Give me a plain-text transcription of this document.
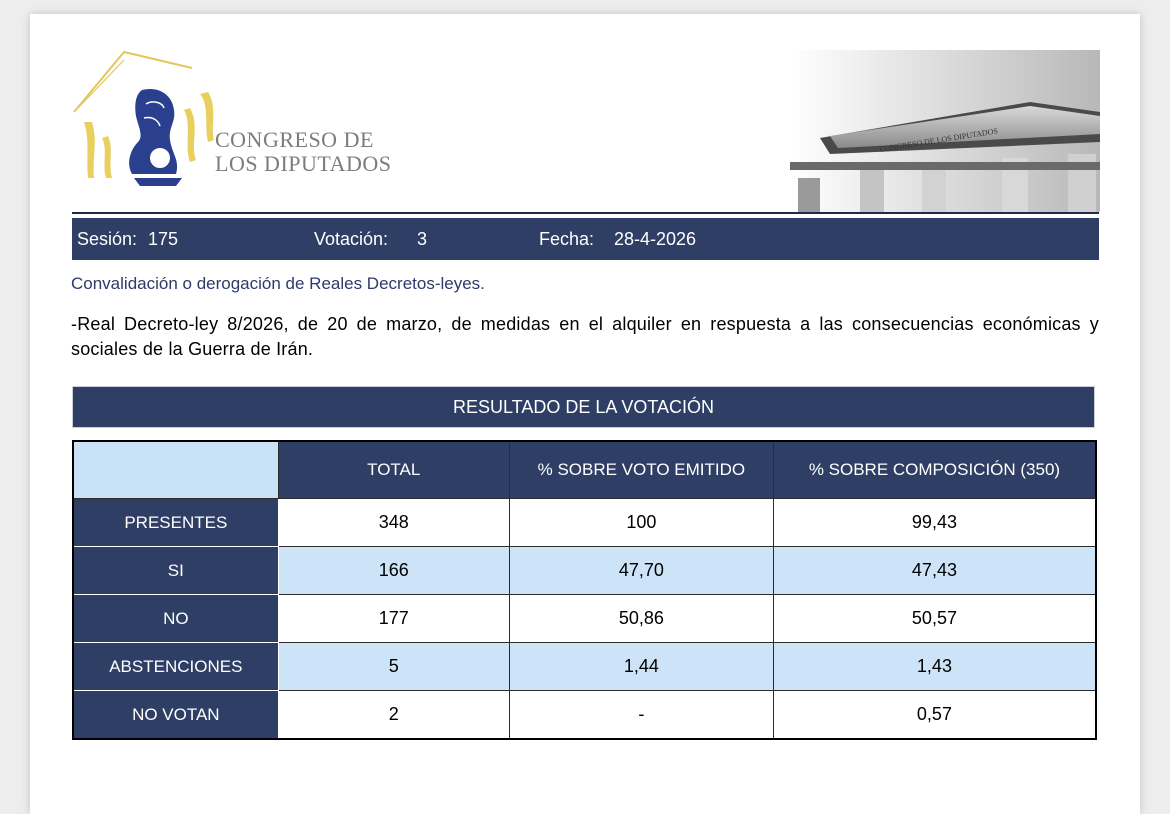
CONGRESO DE
LOS DIPUTADOS
CONGRESO DE LOS DIPUTADOS
Sesión: 175	Votación: 3	Fecha: 28-4-2026
Convalidación o derogación de Reales Decretos-leyes.
-Real Decreto-ley 8/2026, de 20 de marzo, de medidas en el alquiler en respuesta a las consecuencias económicas y sociales de la Guerra de Irán.
RESULTADO DE LA VOTACIÓN
	TOTAL	% SOBRE VOTO EMITIDO	% SOBRE COMPOSICIÓN (350)
PRESENTES	348	100	99,43
SI	166	47,70	47,43
NO	177	50,86	50,57
ABSTENCIONES	5	1,44	1,43
NO VOTAN	2	-	0,57
